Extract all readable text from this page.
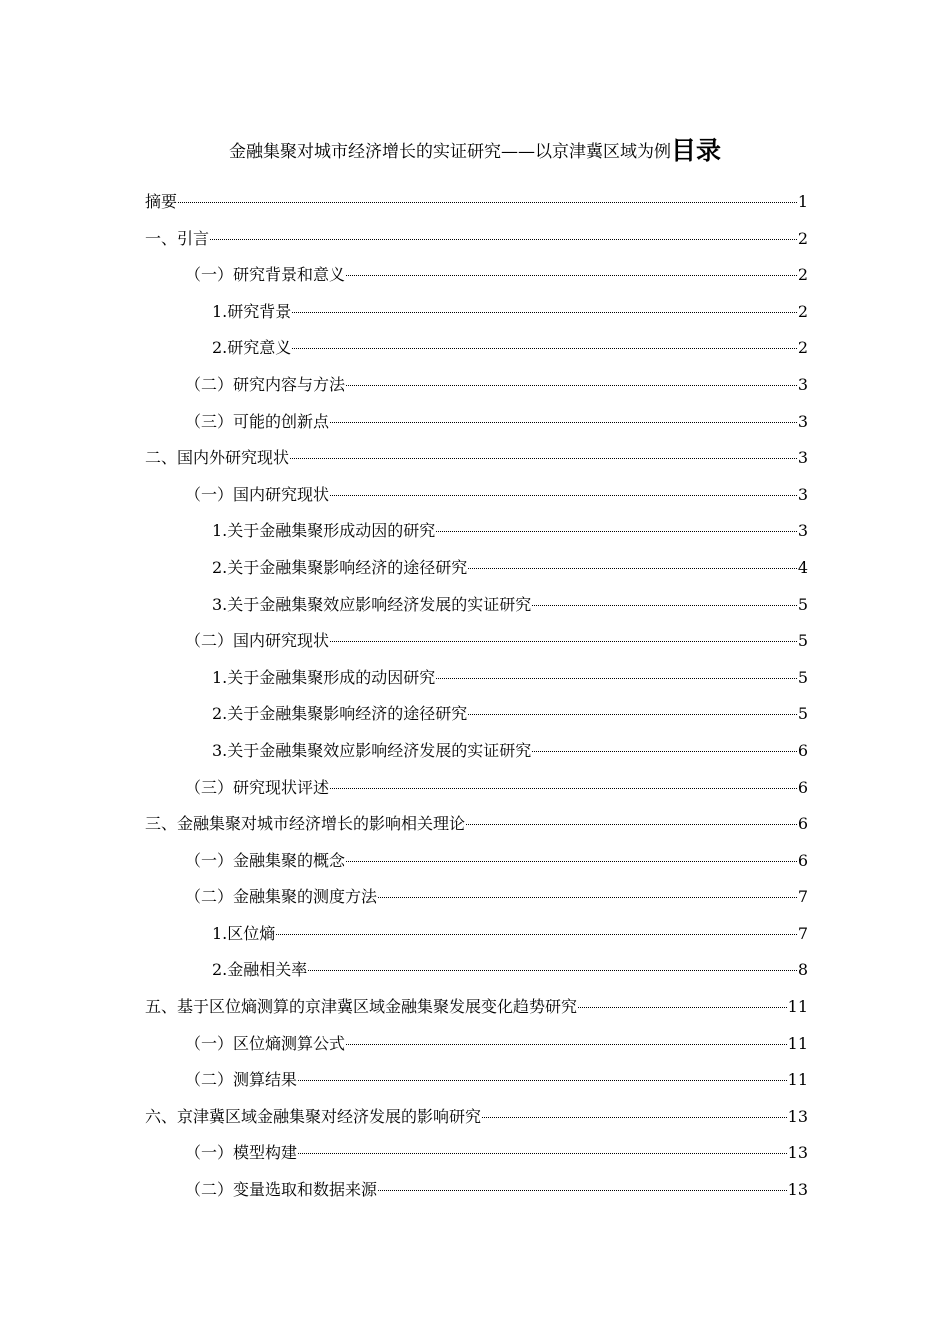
金融集聚对城市经济增长的实证研究——以京津冀区域为例目录
摘要	1
一、引言	2
（一）研究背景和意义	2
1.研究背景	2
2.研究意义	2
（二）研究内容与方法	3
（三）可能的创新点	3
二、国内外研究现状	3
（一）国内研究现状	3
1.关于金融集聚形成动因的研究	3
2.关于金融集聚影响经济的途径研究	4
3.关于金融集聚效应影响经济发展的实证研究	5
（二）国内研究现状	5
1.关于金融集聚形成的动因研究	5
2.关于金融集聚影响经济的途径研究	5
3.关于金融集聚效应影响经济发展的实证研究	6
（三）研究现状评述	6
三、金融集聚对城市经济增长的影响相关理论	6
（一）金融集聚的概念	6
（二）金融集聚的测度方法	7
1.区位熵	7
2.金融相关率	8
五、基于区位熵测算的京津冀区域金融集聚发展变化趋势研究	11
（一）区位熵测算公式	11
（二）测算结果	11
六、京津冀区域金融集聚对经济发展的影响研究	13
（一）模型构建	13
（二）变量选取和数据来源	13
